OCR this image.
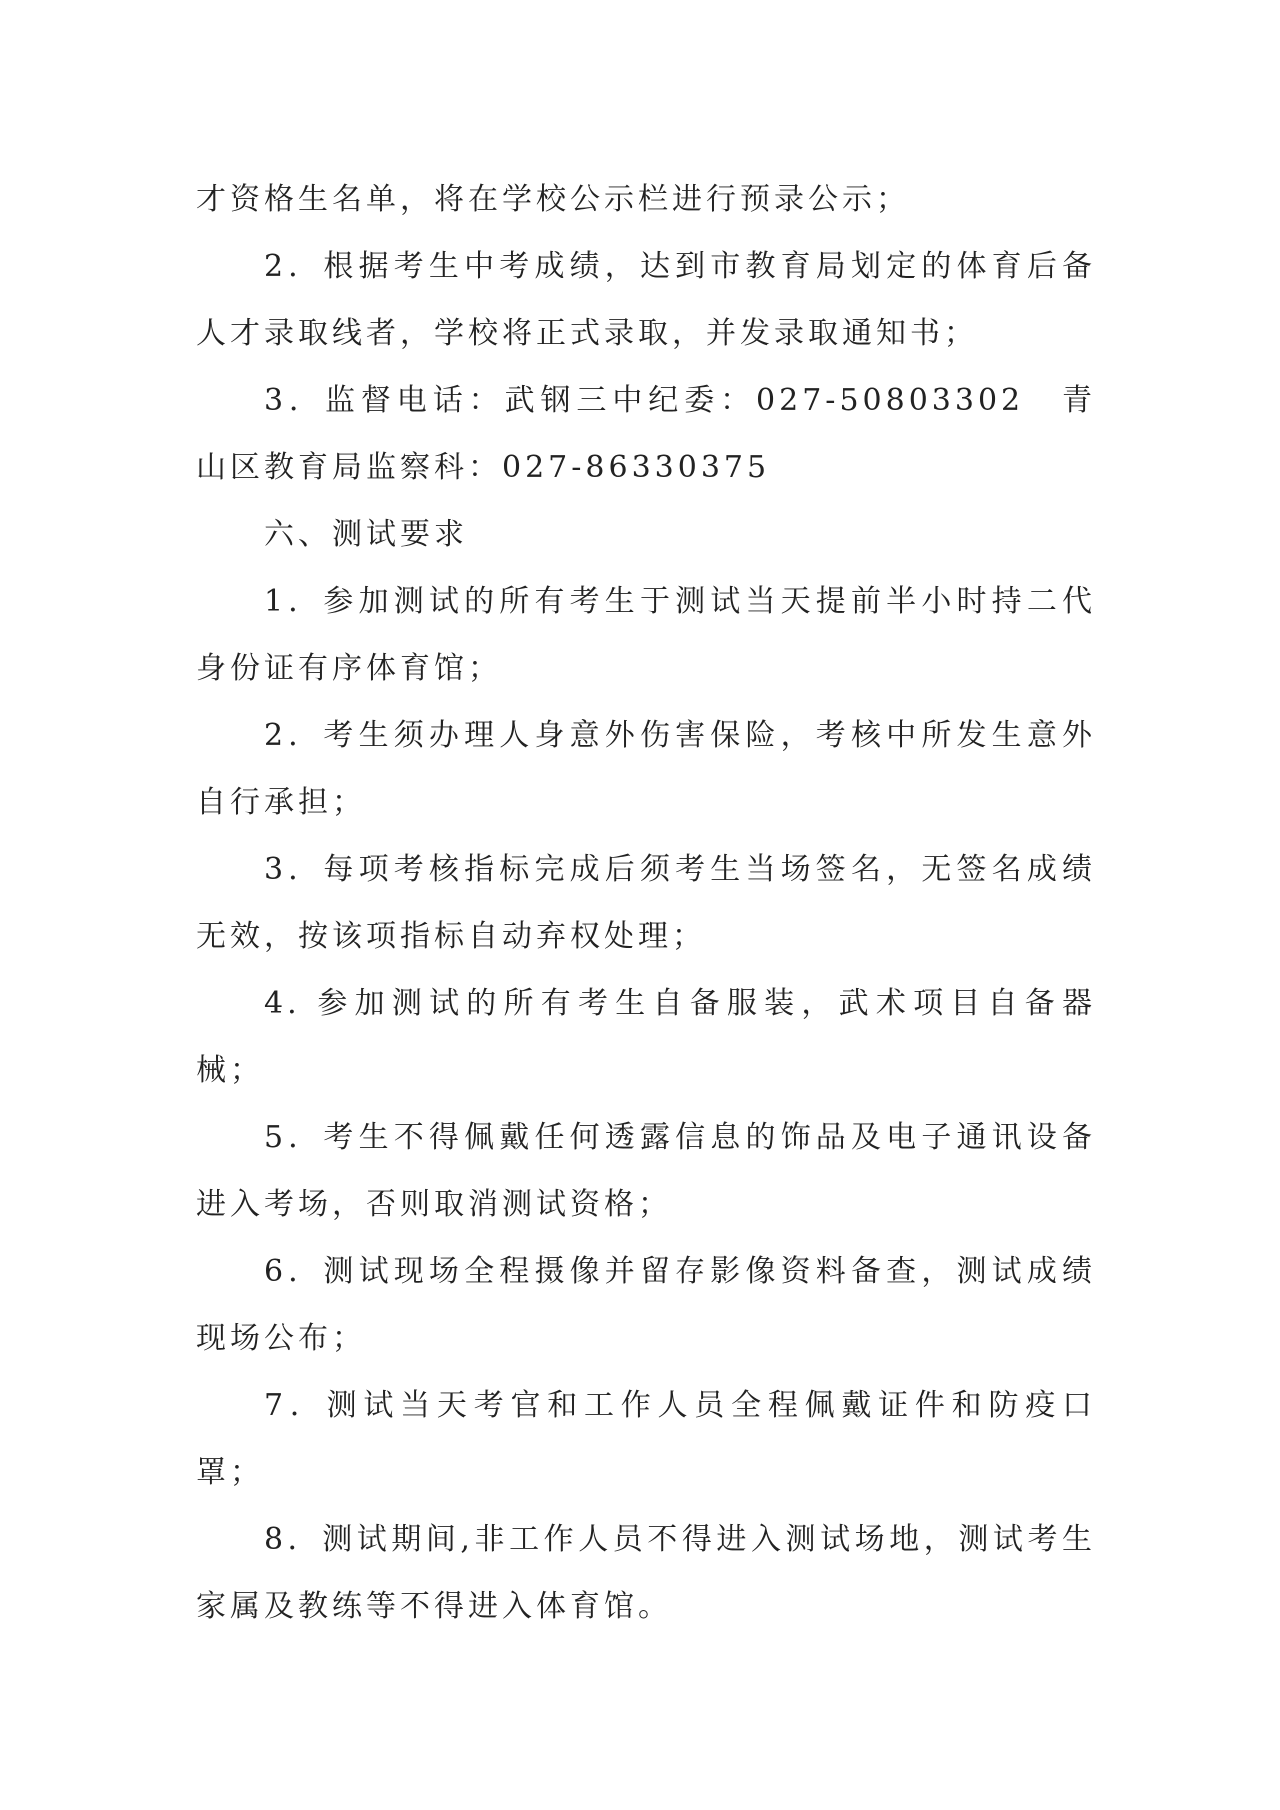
才资格生名单，将在学校公示栏进行预录公示；

2．根据考生中考成绩，达到市教育局划定的体育后备人才录取线者，学校将正式录取，并发录取通知书；

3．监督电话：武钢三中纪委：027-50803302　青山区教育局监察科：027-86330375

六、测试要求

1．参加测试的所有考生于测试当天提前半小时持二代身份证有序体育馆；

2．考生须办理人身意外伤害保险，考核中所发生意外自行承担；

3．每项考核指标完成后须考生当场签名，无签名成绩无效，按该项指标自动弃权处理；

4. 参加测试的所有考生自备服装，武术项目自备器械；

5．考生不得佩戴任何透露信息的饰品及电子通讯设备进入考场，否则取消测试资格；

6．测试现场全程摄像并留存影像资料备查，测试成绩现场公布；

7．测试当天考官和工作人员全程佩戴证件和防疫口罩；

8．测试期间,非工作人员不得进入测试场地，测试考生家属及教练等不得进入体育馆。
